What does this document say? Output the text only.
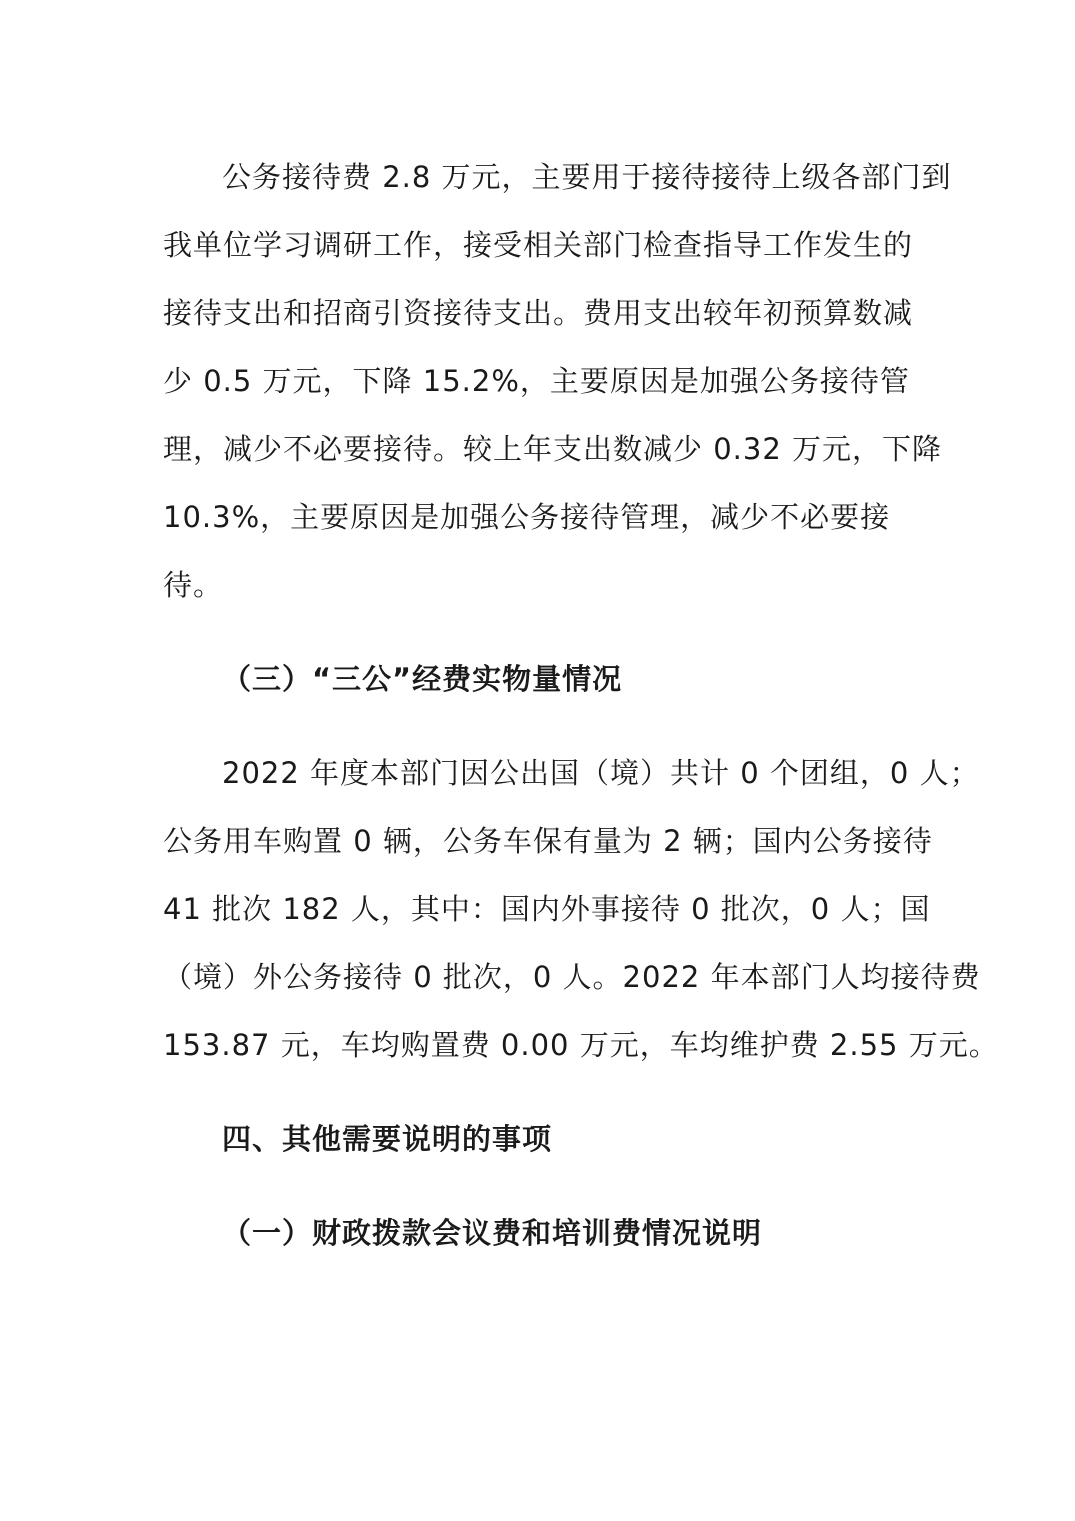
公务接待费 2.8 万元，主要用于接待接待上级各部门到

我单位学习调研工作，接受相关部门检查指导工作发生的

接待支出和招商引资接待支出。费用支出较年初预算数减

少 0.5 万元，下降 15.2%，主要原因是加强公务接待管

理，减少不必要接待。较上年支出数减少 0.32 万元，下降

10.3%，主要原因是加强公务接待管理，减少不必要接

待。

（三）“三公”经费实物量情况

2022 年度本部门因公出国（境）共计 0 个团组，0 人；

公务用车购置 0 辆，公务车保有量为 2 辆；国内公务接待

41 批次 182 人，其中：国内外事接待 0 批次，0 人；国

（境）外公务接待 0 批次，0 人。2022 年本部门人均接待费

153.87 元，车均购置费 0.00 万元，车均维护费 2.55 万元。

四、其他需要说明的事项
（一）财政拨款会议费和培训费情况说明
